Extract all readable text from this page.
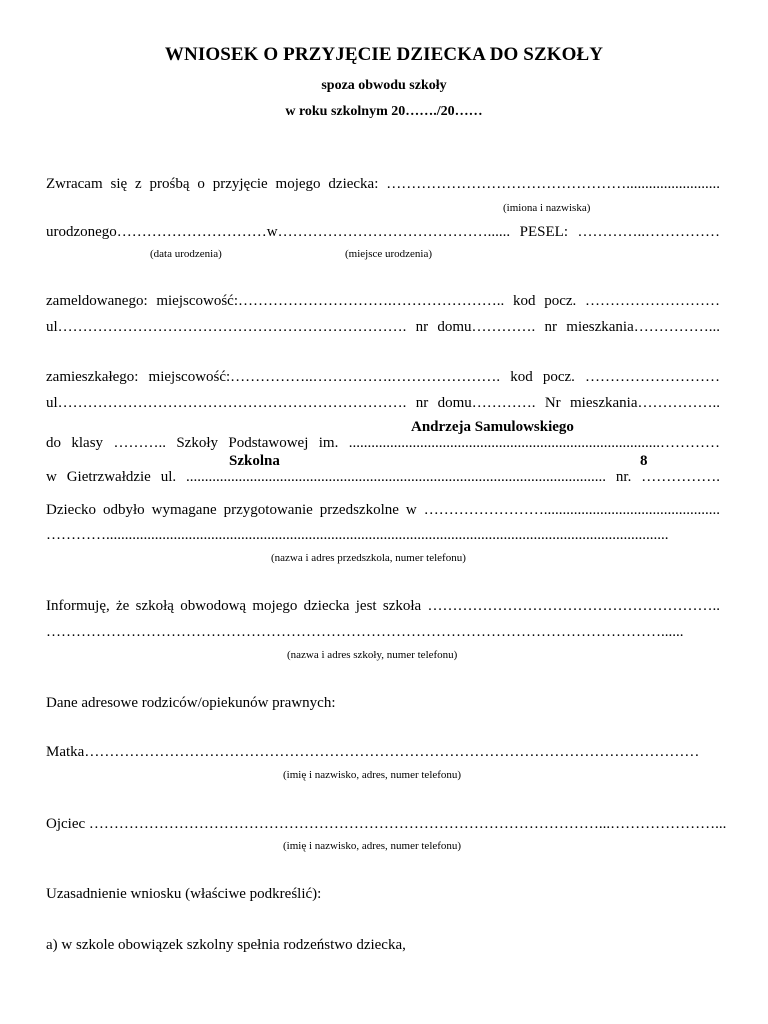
WNIOSEK O PRZYJĘCIE DZIECKA DO SZKOŁY
spoza obwodu szkoły
w roku szkolnym 20……./20……
Zwracam się z prośbą o przyjęcie mojego dziecka: ………………………………………….........................
(imiona i nazwiska)
urodzonego…………………………w……………………………………...... PESEL: …………..……………
(data urodzenia)	(miejsce urodzenia)
zameldowanego: miejscowość:………………………….………………….. kod pocz. ………………………
ul……………………………………………………………. nr domu…………. nr mieszkania……………...
zamieszkałego: miejscowość:……………..…………….…………………. kod pocz. ………………………
ul……………………………………………………………. nr domu…………. Nr mieszkania……………..
Andrzeja Samulowskiego
do klasy ……….. Szkoły Podstawowej im. ...................................................................................…………
Szkolna	8
w Gietrzwałdzie ul. ................................................................................................................ nr. …………….
Dziecko odbyło wymagane przygotowanie przedszkolne w ……………………...............................................
…………......................................................................................................................................................
(nazwa i adres przedszkola, numer telefonu)
Informuję, że szkołą obwodową mojego dziecka jest szkoła …………………………………………………..
……………………………………………………………………………………………………………......
(nazwa i adres szkoły, numer telefonu)
Dane adresowe rodziców/opiekunów prawnych:
Matka……………………………………………………………………………………………………………
(imię i nazwisko, adres, numer telefonu)
Ojciec …………………………………………………………………………………………...…………………...
(imię i nazwisko, adres, numer telefonu)
Uzasadnienie wniosku (właściwe podkreślić):
a) w szkole obowiązek szkolny spełnia rodzeństwo dziecka,
